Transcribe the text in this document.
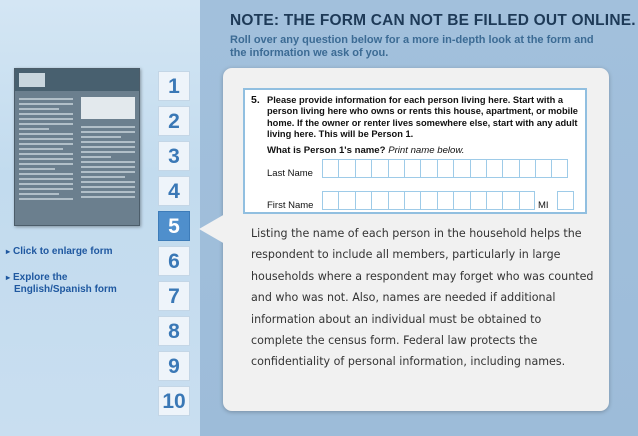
▸ Click to enlarge form
▸ Explore the
English/Spanish form
1
2
3
4
5
6
7
8
9
10
NOTE: THE FORM CAN NOT BE FILLED OUT ONLINE.
Roll over any question below for a more in-depth look at the form and the information we ask of you.
5. Please provide information for each person living here. Start with a person living here who owns or rents this house, apartment, or mobile home. If the owner or renter lives somewhere else, start with any adult living here. This will be Person 1.
What is Person 1's name? Print name below.
Last Name
First Name	MI
Listing the name of each person in the household helps the respondent to include all members, particularly in large households where a respondent may forget who was counted and who was not. Also, names are needed if additional information about an individual must be obtained to complete the census form. Federal law protects the confidentiality of personal information, including names.
